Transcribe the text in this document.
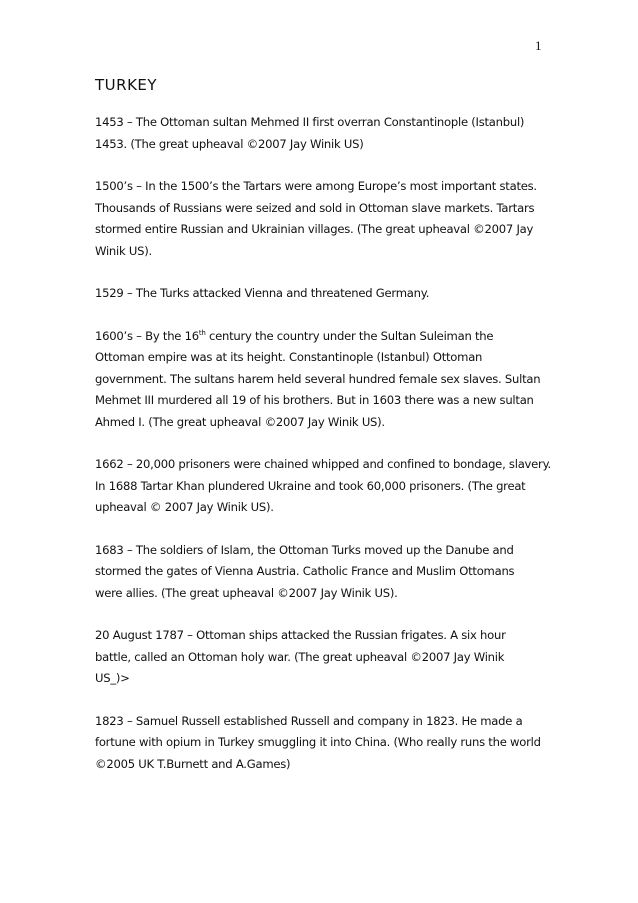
1
TURKEY

1453 – The Ottoman sultan Mehmed II first overran Constantinople (Istanbul)
1453. (The great upheaval ©2007 Jay Winik US)

1500’s – In the 1500’s the Tartars were among Europe’s most important states.
Thousands of Russians were seized and sold in Ottoman slave markets. Tartars
stormed entire Russian and Ukrainian villages. (The great upheaval ©2007 Jay
Winik US).

1529 – The Turks attacked Vienna and threatened Germany.

1600’s – By the 16th century the country under the Sultan Suleiman the
Ottoman empire was at its height. Constantinople (Istanbul) Ottoman
government. The sultans harem held several hundred female sex slaves. Sultan
Mehmet III murdered all 19 of his brothers. But in 1603 there was a new sultan
Ahmed I. (The great upheaval ©2007 Jay Winik US).

1662 – 20,000 prisoners were chained whipped and confined to bondage, slavery.
In 1688 Tartar Khan plundered Ukraine and took 60,000 prisoners. (The great
upheaval © 2007 Jay Winik US).

1683 – The soldiers of Islam, the Ottoman Turks moved up the Danube and
stormed the gates of Vienna Austria. Catholic France and Muslim Ottomans
were allies. (The great upheaval ©2007 Jay Winik US).

20 August 1787 – Ottoman ships attacked the Russian frigates. A six hour
battle, called an Ottoman holy war. (The great upheaval ©2007 Jay Winik
US_)>

1823 – Samuel Russell established Russell and company in 1823. He made a
fortune with opium in Turkey smuggling it into China. (Who really runs the world
©2005 UK T.Burnett and A.Games)
